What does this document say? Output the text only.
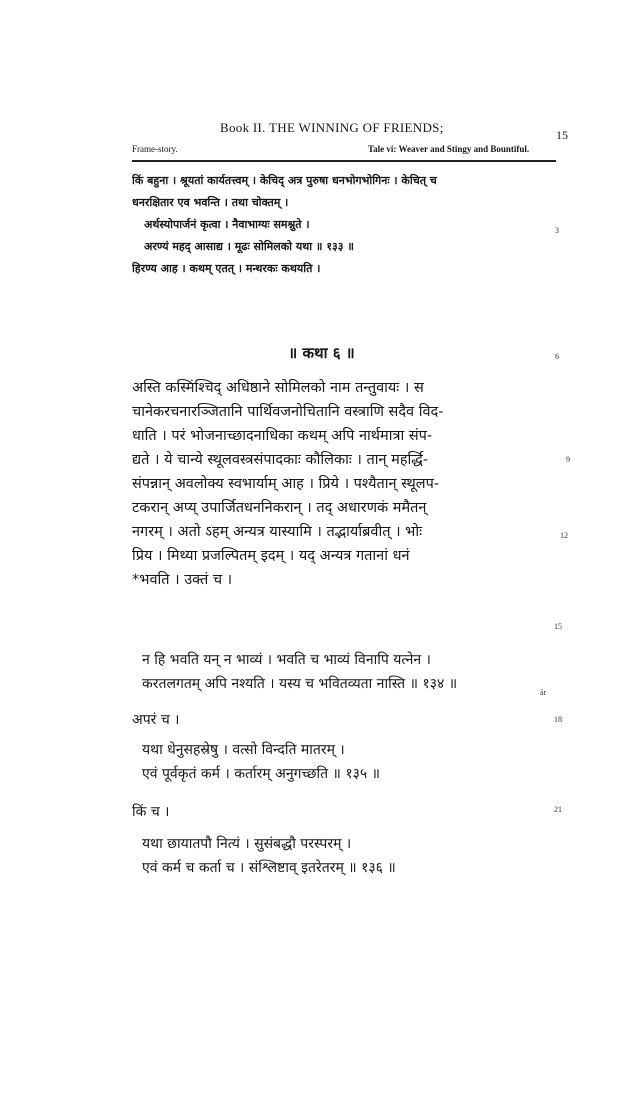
Book II. THE WINNING OF FRIENDS;	15
Frame-story.	Tale vi: Weaver and Stingy and Bountiful.
किं बहुना । श्रूयतां कार्यतत्त्वम् । केचिद् अत्र पुरुषा धनभोगभोगिनः । केचित् च
धनरक्षितार एव भवन्ति । तथा चोक्तम् ।
अर्थस्योपार्जनं कृत्वा । नैवाभाग्यः समश्नुते ।
अरण्यं महद् आसाद्य । मूढः सोमिलको यथा ॥ १३३ ॥
हिरण्य आह । कथम् एतत् । मन्थरकः कथयति ।
॥ कथा ६ ॥
अस्ति कस्मिंश्चिद् अधिष्ठाने सोमिलको नाम तन्तुवायः । स
चानेकरचनारञ्जितानि पार्थिवजनोचितानि वस्त्राणि सदैव विद-
धाति । परं भोजनाच्छादनाधिका कथम् अपि नार्थमात्रा संप-
द्यते । ये चान्ये स्थूलवस्त्रसंपादकाः कौलिकाः । तान् महर्द्धि-
संपन्नान् अवलोक्य स्वभार्याम् आह । प्रिये । पश्यैतान् स्थूलप-
टकरान् अप्य् उपार्जितधननिकरान् । तद् अधारणकं ममैतन्
नगरम् । अतो ऽहम् अन्यत्र यास्यामि । तद्भार्याब्रवीत् । भोः
प्रिय । मिथ्या प्रजल्पितम् इदम् । यद् अन्यत्र गतानां धनं
*भवति । उक्तं च ।
न हि भवति यन् न भाव्यं । भवति च भाव्यं विनापि यत्नेन ।
करतलगतम् अपि नश्यति । यस्य च भवितव्यता नास्ति ॥ १३४ ॥
ār
अपरं च ।
यथा धेनुसहस्रेषु । वत्सो विन्दति मातरम् ।
एवं पूर्वकृतं कर्म । कर्तारम् अनुगच्छति ॥ १३५ ॥
किं च ।
यथा छायातपौ नित्यं । सुसंबद्धौ परस्परम् ।
एवं कर्म च कर्ता च । संश्लिष्टाव् इतरेतरम् ॥ १३६ ॥
3
6
9
12
15
18
21
